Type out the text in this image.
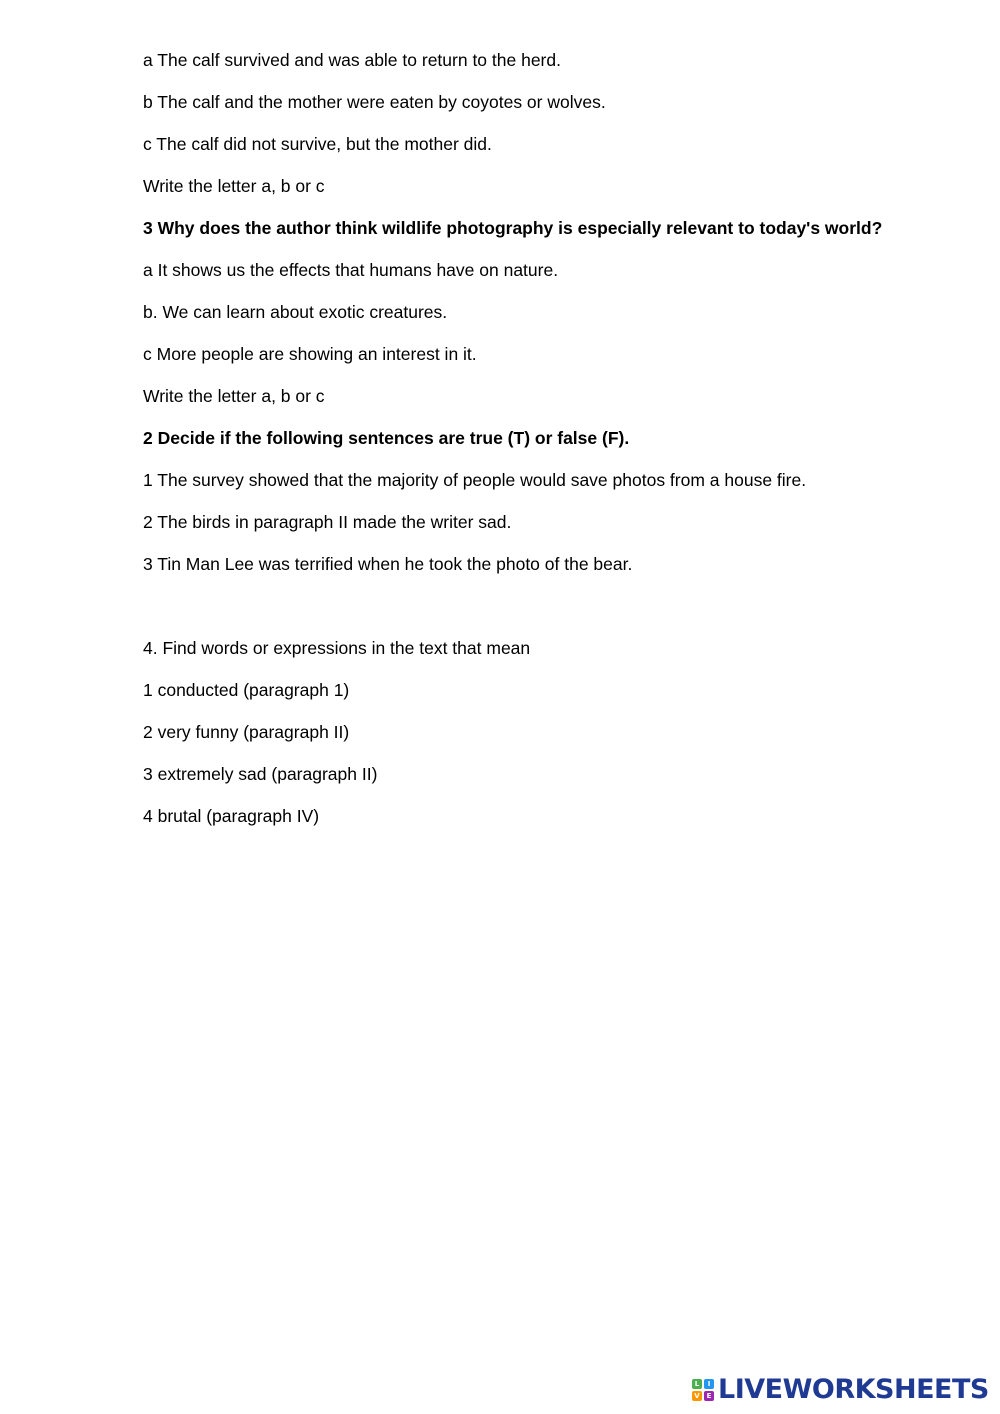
a The calf survived and was able to return to the herd.
b The calf and the mother were eaten by coyotes or wolves.
c The calf did not survive, but the mother did.
Write the letter a, b or c
3 Why does the author think wildlife photography is especially relevant to today's world?
a It shows us the effects that humans have on nature.
b. We can learn about exotic creatures.
c More people are showing an interest in it.
Write the letter a, b or c
2 Decide if the following sentences are true (T) or false (F).
1 The survey showed that the majority of people would save photos from a house fire.
2 The birds in paragraph II made the writer sad.
3 Tin Man Lee was terrified when he took the photo of the bear.
4. Find words or expressions in the text that mean
1 conducted (paragraph 1)
2 very funny (paragraph II)
3 extremely sad (paragraph II)
4 brutal (paragraph IV)
L	I
V E LIVEWORKSHEETS
